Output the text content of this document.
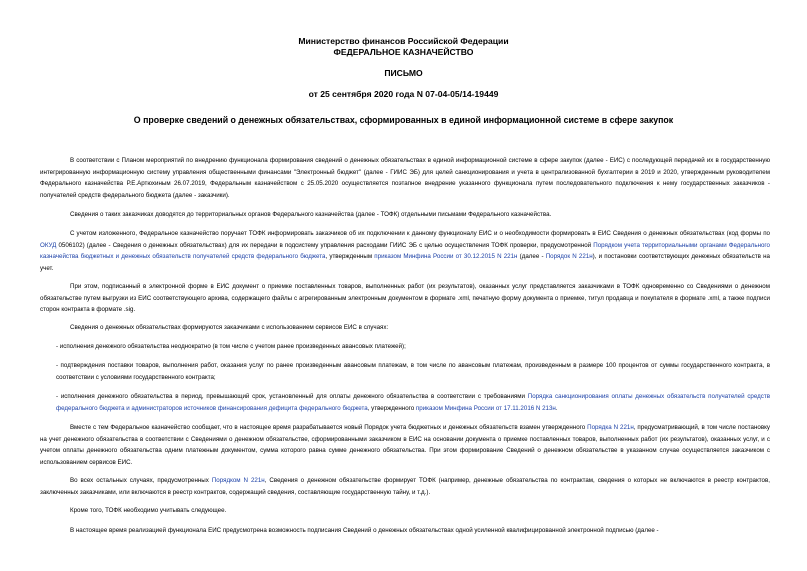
Министерство финансов Российской Федерации
ФЕДЕРАЛЬНОЕ КАЗНАЧЕЙСТВО
ПИСЬМО
от 25 сентября 2020 года N 07-04-05/14-19449
О проверке сведений о денежных обязательствах, сформированных в единой информационной системе в сфере закупок
В соответствии с Планом мероприятий по внедрению функционала формирования сведений о денежных обязательствах в единой информационной системе в сфере закупок (далее - ЕИС) с последующей передачей их в государственную интегрированную информационную систему управления общественными финансами "Электронный бюджет" (далее - ГИИС ЭБ) для целей санкционирования и учета в централизованной бухгалтерии в 2019 и 2020, утвержденным руководителем Федерального казначейства Р.Е.Артюхиным 26.07.2019, Федеральным казначейством с 25.05.2020 осуществляется поэтапное внедрение указанного функционала путем последовательного подключения к нему государственных заказчиков - получателей средств федерального бюджета (далее - заказчики).
Сведения о таких заказчиках доводятся до территориальных органов Федерального казначейства (далее - ТОФК) отдельными письмами Федерального казначейства.
С учетом изложенного, Федеральное казначейство поручает ТОФК информировать заказчиков об их подключении к данному функционалу ЕИС и о необходимости формировать в ЕИС Сведения о денежных обязательствах (код формы по ОКУД 0506102) (далее - Сведения о денежных обязательствах) для их передачи в подсистему управления расходами ГИИС ЭБ с целью осуществления ТОФК проверки, предусмотренной Порядком учета территориальными органами Федерального казначейства бюджетных и денежных обязательств получателей средств федерального бюджета, утвержденным приказом Минфина России от 30.12.2015 N 221н (далее - Порядок N 221н), и постановки соответствующих денежных обязательств на учет.
При этом, подписанный в электронной форме в ЕИС документ о приемке поставленных товаров, выполненных работ (их результатов), оказанных услуг представляется заказчиками в ТОФК одновременно со Сведениями о денежном обязательстве путем выгрузки из ЕИС соответствующего архива, содержащего файлы с агрегированным электронным документом в формате .xml, печатную форму документа о приемке, титул продавца и покупателя в формате .xml, а также подписи сторон контракта в формате .sig.
Сведения о денежных обязательствах формируются заказчиками с использованием сервисов ЕИС в случаях:
- исполнения денежного обязательства неоднократно (в том числе с учетом ранее произведенных авансовых платежей);
- подтверждения поставки товаров, выполнения работ, оказания услуг по ранее произведенным авансовым платежам, в том числе по авансовым платежам, произведенным в размере 100 процентов от суммы государственного контракта, в соответствии с условиями государственного контракта;
- исполнения денежного обязательства в период, превышающий срок, установленный для оплаты денежного обязательства в соответствии с требованиями Порядка санкционирования оплаты денежных обязательств получателей средств федерального бюджета и администраторов источников финансирования дефицита федерального бюджета, утвержденного приказом Минфина России от 17.11.2016 N 213н.
Вместе с тем Федеральное казначейство сообщает, что в настоящее время разрабатывается новый Порядок учета бюджетных и денежных обязательств взамен утвержденного Порядка N 221н, предусматривающий, в том числе постановку на учет денежного обязательства в соответствии с Сведениями о денежном обязательстве, сформированными заказчиком в ЕИС на основании документа о приемке поставленных товаров, выполненных работ (их результатов), оказанных услуг, и с учетом оплаты денежного обязательства одним платежным документом, сумма которого равна сумме денежного обязательства. При этом формирование Сведений о денежном обязательстве в указанном случае осуществляется заказчиком с использованием сервисов ЕИС.
Во всех остальных случаях, предусмотренных Порядком N 221н, Сведения о денежном обязательстве формирует ТОФК (например, денежные обязательства по контрактам, сведения о которых не включаются в реестр контрактов, заключенных заказчиками, или включаются в реестр контрактов, содержащий сведения, составляющие государственную тайну, и т.д.).
Кроме того, ТОФК необходимо учитывать следующее.
В настоящее время реализацией функционала ЕИС предусмотрена возможность подписания Сведений о денежных обязательствах одной усиленной квалифицированной электронной подписью (далее -
